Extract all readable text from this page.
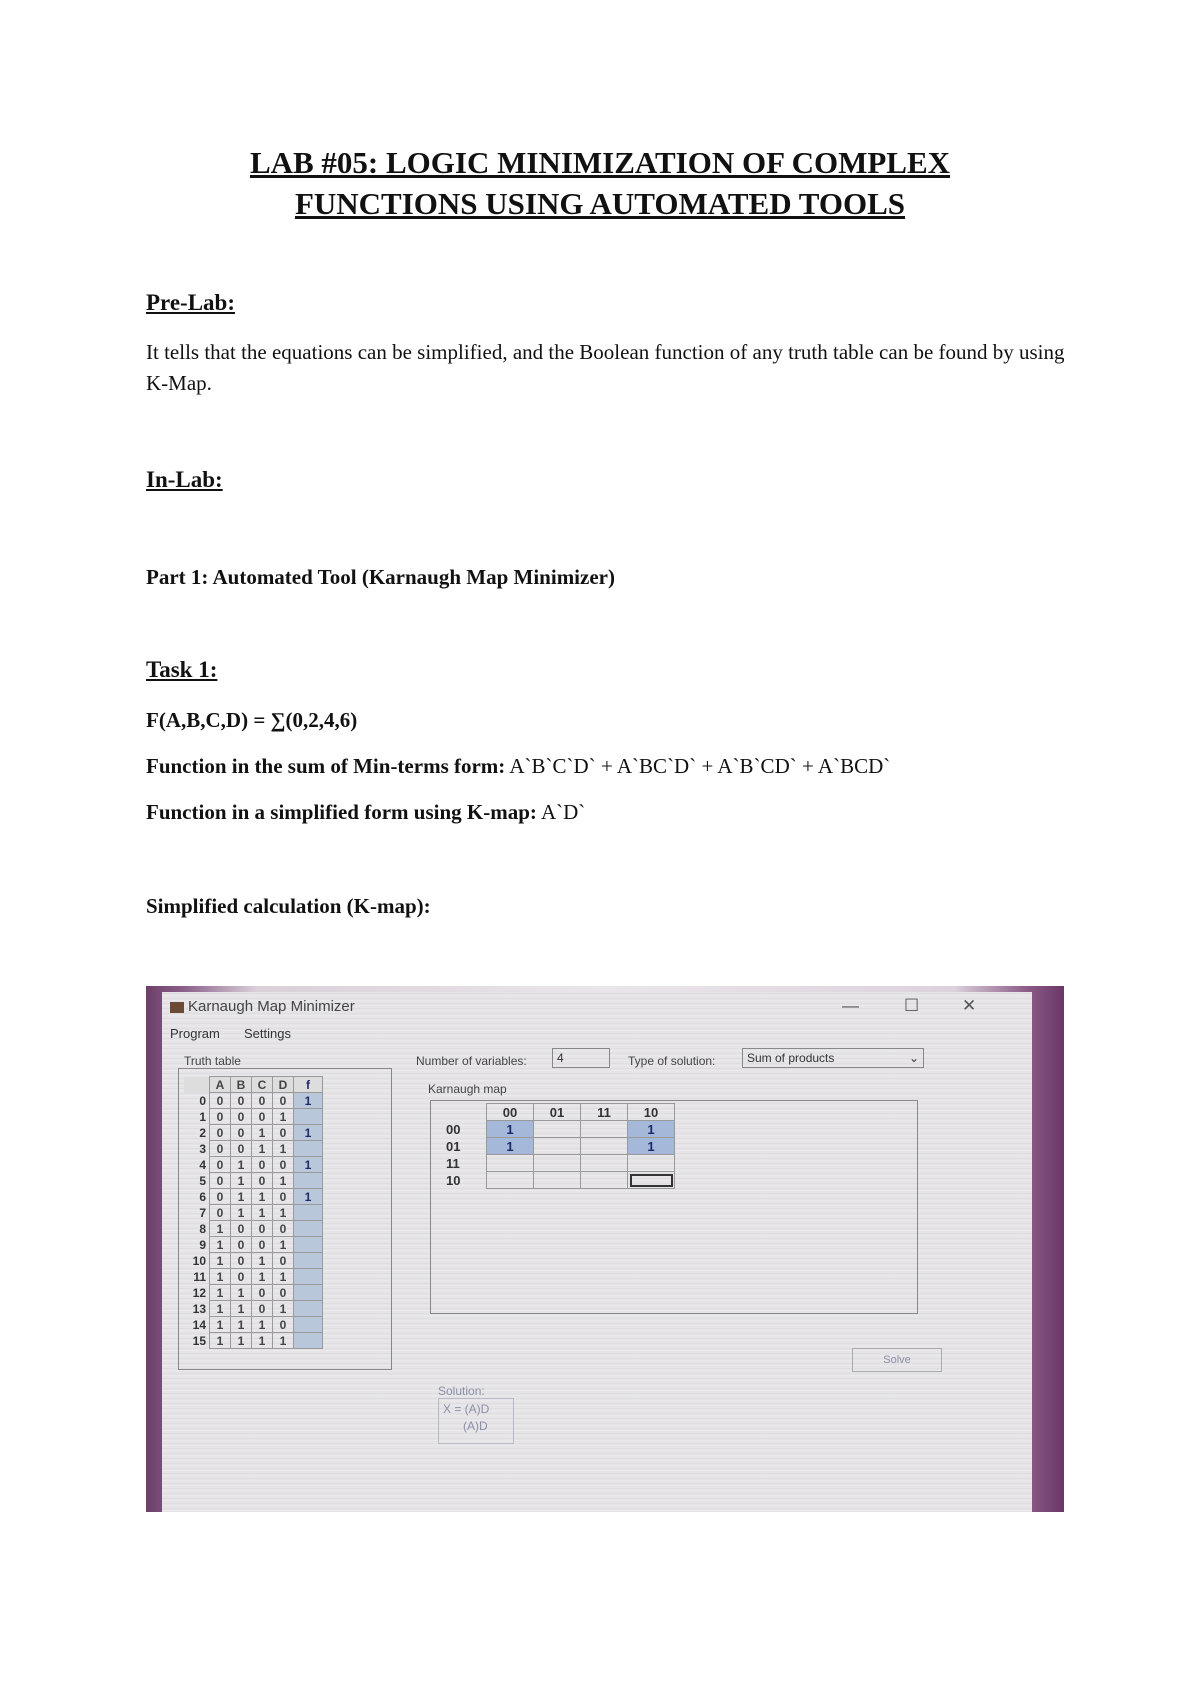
LAB #05: LOGIC MINIMIZATION OF COMPLEX
FUNCTIONS USING AUTOMATED TOOLS
Pre-Lab:
It tells that the equations can be simplified, and the Boolean function of any truth table can be found by using K-Map.
In-Lab:
Part 1: Automated Tool (Karnaugh Map Minimizer)
Task 1:
F(A,B,C,D) = ∑(0,2,4,6)
Function in the sum of Min-terms form: A`B`C`D` + A`BC`D` + A`B`CD` + A`BCD`
Function in a simplified form using K-map: A`D`
Simplified calculation (K-map):
Karnaugh Map Minimizer	—	☐	✕
Program Settings
Truth table
	A	B	C	D	f
0	0	0	0	0	1
1	0	0	0	1	
2	0	0	1	0	1
3	0	0	1	1	
4	0	1	0	0	1
5	0	1	0	1	
6	0	1	1	0	1
7	0	1	1	1	
8	1	0	0	0	
9	1	0	0	1	
10	1	0	1	0	
11	1	0	1	1	
12	1	1	0	0	
13	1	1	0	1	
14	1	1	1	0	
15	1	1	1	1	
Number of variables:	4	Type of solution:	Sum of products	⌄
Karnaugh map
	00	01	11	10
00	1			1
01	1			1
11				
10				
Solve
Solution:
X = (A)D
(A)D
